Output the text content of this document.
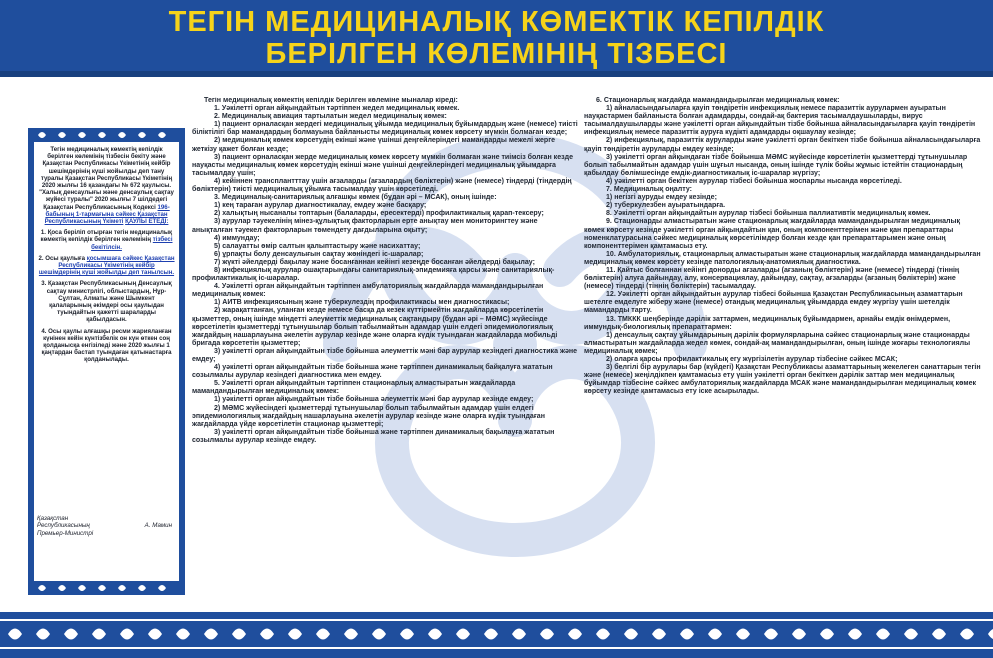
ТЕГІН МЕДИЦИНАЛЫҚ КӨМЕКТІК КЕПІЛДІК
БЕРІЛГЕН КӨЛЕМІНІҢ ТІЗБЕСІ

Тегін медициналық көмектің кепілдік берілген көлемінің тізбесін бекіту және Қазақстан Республикасы Үкіметінің кейбір шешімдерінің күші жойылды деп тану туралы Қазақстан Республикасы Үкіметінің 2020 жылғы 16 қазандағы № 672 қаулысы. "Халық денсаулығы және денсаулық сақтау жүйесі туралы" 2020 жылғы 7 шілдедегі Қазақстан Республикасының Кодексі 196-бабының 1-тармағына сәйкес Қазақстан Республикасының Үкіметі ҚАУЛЫ ЕТЕДІ:

1. Қоса беріліп отырған тегін медициналық көмектің кепілдік берілген көлемінің тізбесі бекітілсін.

2. Осы қаулыға қосымшаға сәйкес Қазақстан Республикасы Үкіметінің кейбір шешімдерінің күші жойылды деп танылсын.

3. Қазақстан Республикасының Денсаулық сақтау министрлігі, облыстардың, Нұр-Сұлтан, Алматы және Шымкент қалаларының әкімдері осы қаулыдан туындайтын қажетті шараларды қабылдасын.

4. Осы қаулы алғашқы ресми жарияланған күнінен кейін күнтізбелік он күн өткен соң қолданысқа енгізіледі және 2020 жылғы 1 қаңтардан бастап туындаған қатынастарға қолданылады.

Қазақстан Республикасының Премьер-Министрі
А. Мамин

Тегін медициналық көмектің кепілдік берілген көлеміне мыналар кіреді:

1. Уәкілетті орган айқындайтын тәртіппен жедел медициналық көмек.

2. Медициналық авиация тартылатын жедел медициналық көмек:

1) пациент орналасқан жердегі медициналық ұйымда медициналық бұйымдардың және (немесе) тиісті біліктілігі бар мамандардың болмауына байланысты медициналық көмек көрсету мүмкін болмаған кезде;

2) медициналық көмек көрсетудің екінші және үшінші деңгейлеріндегі мамандарды межелі жерге жеткізу қажет болған кезде;

3) пациент орналасқан жерде медициналық көмек көрсету мүмкін болмаған және тиімсіз болған кезде науқасты медициналық көмек көрсетудің екінші және үшінші деңгейлеріндегі медициналық ұйымдарға тасымалдау үшін;

4) кейіннен трансплантттау үшін ағзаларды (ағзалардың бөліктерін) және (немесе) тіндерді (тіндердің бөліктерін) тиісті медициналық ұйымға тасымалдау үшін көрсетіледі.

3. Медициналық-санитариялық алғашқы көмек (бұдан әрі – МСАК), оның ішінде:

1) кең тараған аурулар диагностикалау, емдеу және басқару;

2) халықтың нысаналы топтарын (балаларды, ересектерді) профилактикалық қарап-тексеру;

3) аурулар тәуекелінің мінез-құлықтық факторларын ерте анықтау мен мониторингтеу және анықталған тәуекел факторларын төмендету дағдыларына оқыту;

4) иммундау;

5) салауатты өмір салтын қалыптастыру және насихаттау;

6) ұрпақты болу денсаулығын сақтау жөніндегі іс-шаралар;

7) жүкті әйелдерді бақылау және босанғаннан кейінгі кезеңде босанған әйелдерді бақылау;

8) инфекциялық аурулар ошақтарындағы санитариялық-эпидемияға қарсы және санитариялық-профилактикалық іс-шаралар.

4. Уәкілетті орган айқындайтын тәртіппен амбулаториялық жағдайларда мамандандырылған медициналық көмек:

1) АИТВ инфекциясының және туберкулездің профилактикасы мен диагностикасы;

2) жарақаттанған, уланған кезде немесе басқа да кезек күттірмейтін жағдайларда көрсетілетін қызметтер, оның ішінде міндетті әлеуметтік медициналық сақтандыру (бұдан әрі – МӘМС) жүйесінде көрсетілетін қызметтерді тұтынушылар болып табылмайтын адамдар үшін елдегі эпидемиологиялық жағдайдың нашарлауына әкелетін аурулар кезінде және оларға күдік туындаған жағдайларда мобильді бригада көрсететін қызметтер;

3) уәкілетті орган айқындайтын тізбе бойынша әлеуметтік мәні бар аурулар кезіндегі диагностика және емдеу;

4) уәкілетті орган айқындайтын тізбе бойынша және тәртіппен динамикалық байқалуға жататын созылмалы аурулар кезіндегі диагностика мен емдеу.

5. Уәкілетті орган айқындайтын тәртіппен стационарлық алмастыратын жағдайларда мамандандырылған медициналық көмек:

1) уәкілетті орган айқындайтын тізбе бойынша әлеуметтік мәні бар аурулар кезінде емдеу;

2) МӘМС жүйесіндегі қызметтерді тұтынушылар болып табылмайтын адамдар үшін елдегі эпидемиологиялық жағдайдың нашарлауына әкелетін аурулар кезінде және оларға күдік туындаған жағдайларда үйде көрсетілетін стационар қызметтері;

3) уәкілетті орган айқындайтын тізбе бойынша және тәртіппен динамикалық бақылауға жататын созылмалы аурулар кезінде емдеу.

6. Стационарлық жағдайда мамандандырылған медициналық көмек:

1) айналасындағыларға қауіп төндіретін инфекциялық немесе паразиттік аурулармен ауыратын науқастармен байланыста болған адамдарды, сондай-ақ бактерия тасымалдаушыларды, вирус тасымалдаушыларды және уәкілетті орган айқындайтын тізбе бойынша айналасындағыларға қауіп төндіретін инфекциялық немесе паразиттік ауруға күдікті адамдарды оқшаулау кезінде;

2) инфекциялық, паразиттік ауруларды және уәкілетті орган бекіткен тізбе бойынша айналасындағыларға қауіп төндіретін ауруларды емдеу кезінде;

3) уәкілетті орган айқындаған тізбе бойынша МӘМС жүйесінде көрсетілетін қызметтерді тұтынушылар болып табылмайтын адамдар үшін шұғыл нысанда, оның ішінде түлік бойы жұмыс істейтін стационардың қабылдау бөлімшесінде емдік-диагностикалық іс-шаралар жүргізу;

4) уәкілетті орган бекіткен аурулар тізбесі бойынша жоспарлы нысанда көрсетіледі.

7. Медициналық оңалту:

1) негізгі ауруды емдеу кезінде;

2) туберкулезбен ауыратындарға.

8. Уәкілетті орган айқындайтын аурулар тізбесі бойынша паллиативтік медициналық көмек.

9. Стационарды алмастыратын және стационарлық жағдайларда мамандандырылған медициналық көмек көрсету кезінде уәкілетті орган айқындайтын қан, оның компоненттерімен және қан препараттары номенклатурасына сәйкес медициналық көрсетілімдер болған кезде қан препараттарымен және оның компоненттерімен қамтамасыз ету.

10. Амбулаториялық, стационарлық алмастыратын және стационарлық жағдайларда мамандандырылған медициналық көмек көрсету кезінде патологиялық-анатомиялық диагностика.

11. Қайтыс болғаннан кейінгі донорды ағзаларды (ағзаның бөліктерін) және (немесе) тіндерді (тіннің бөліктерін) алуға дайындау, алу, консервациялау, дайындау, сақтау, ағзаларды (ағзаның бөліктерін) және (немесе) тіндерді (тіннің бөліктерін) тасымалдау.

12. Уәкілетті орган айқындайтын аурулар тізбесі бойынша Қазақстан Республикасының азаматтарын шетелге емделуге жіберу және (немесе) отандық медициналық ұйымдарда емдеу жүргізу үшін шетелдік мамандарды тарту.

13. ТМККК шеңберінде дәрілік заттармен, медициналық бұйымдармен, арнайы емдік өнімдермен, иммундық-биологиялық препараттармен:

1) денсаулық сақтау ұйымдарының дәрілік формулярларына сәйкес стационарлық және стационарды алмастыратын жағдайларда жедел көмек, сондай-ақ мамандандырылған, оның ішінде жоғары технологиялы медициналық көмек;

2) оларға қарсы профилактикалық егу жүргізілетін аурулар тізбесіне сәйкес МСАК;

3) белгілі бір аурулары бар (күйдегі) Қазақстан Республикасы азаматтарының жекелеген санаттарын тегін және (немесе) жеңілдікпен қамтамасыз ету үшін уәкілетті орган бекіткен дәрілік заттар мен медициналық бұйымдар тізбесіне сәйкес амбулаториялық жағдайларда МСАК және мамандандырылған медициналық көмек көрсету кезінде қамтамасыз ету іске асырылады.
